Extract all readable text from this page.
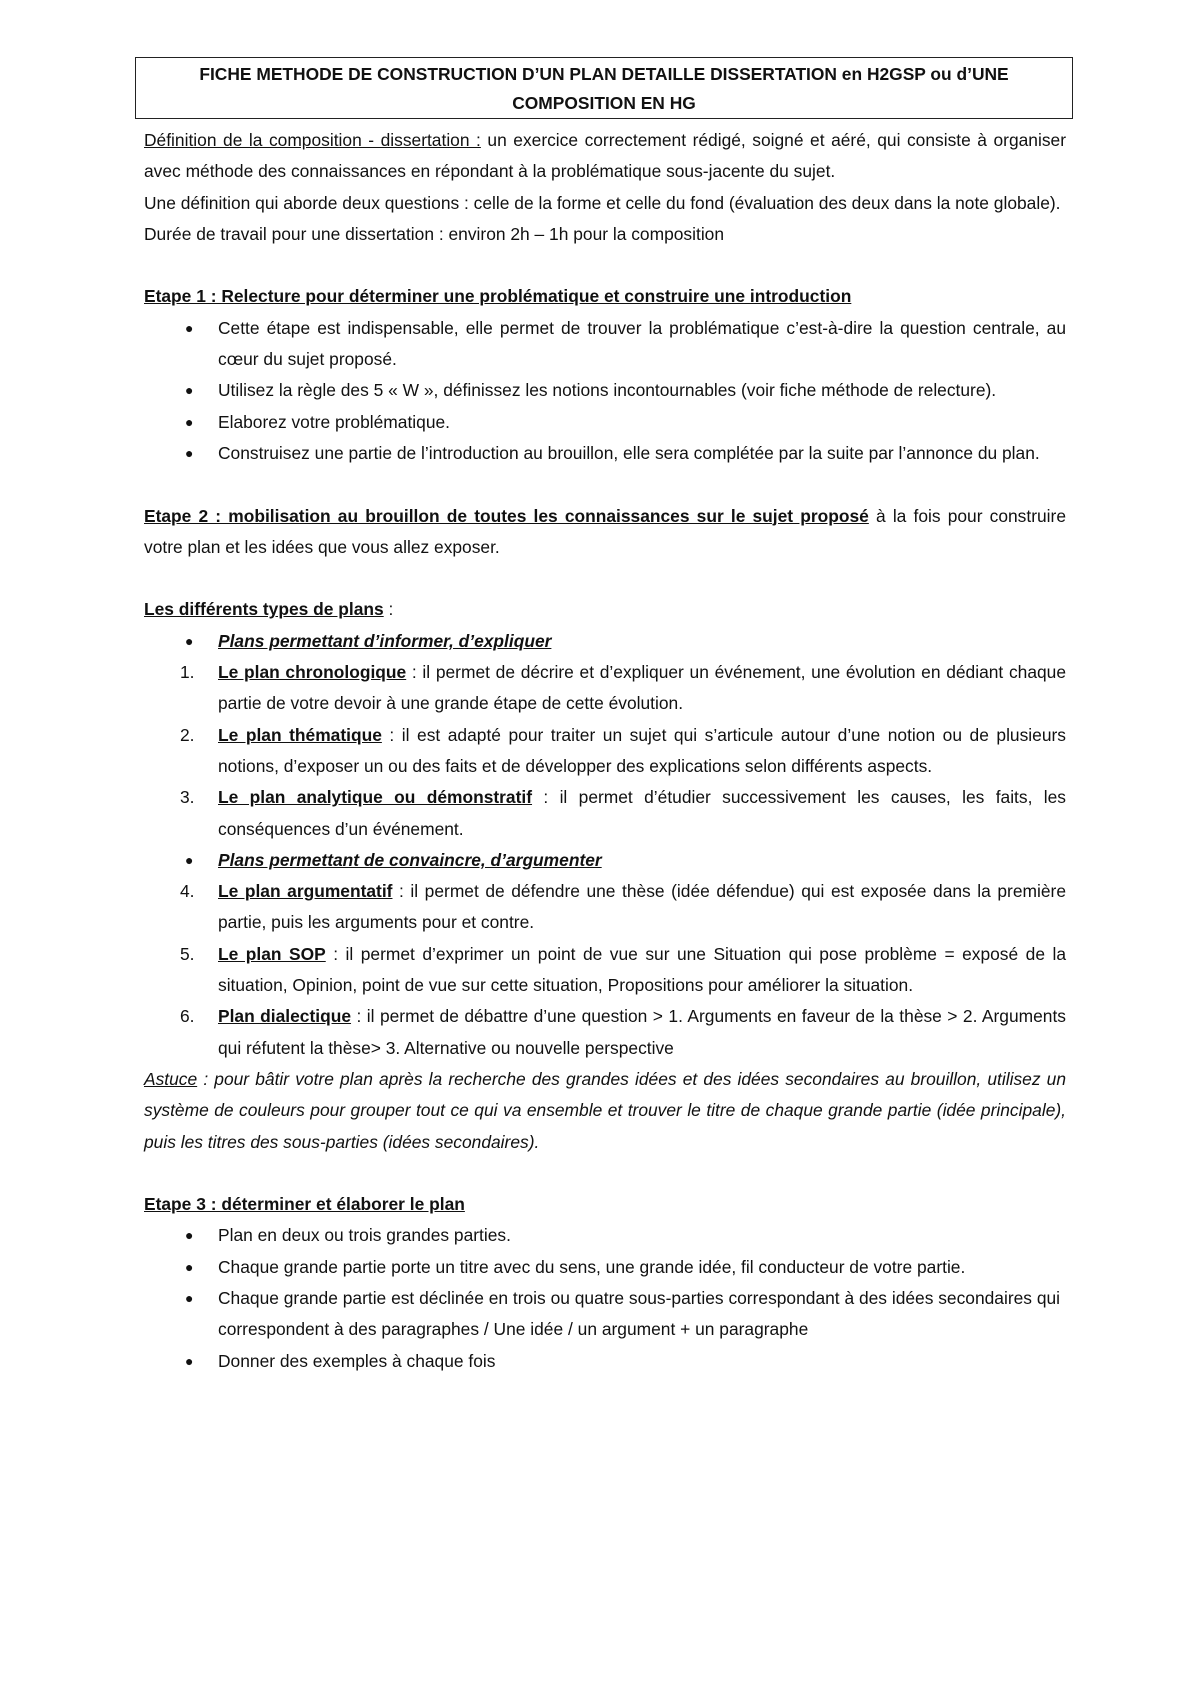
FICHE METHODE DE CONSTRUCTION D’UN PLAN DETAILLE DISSERTATION en H2GSP ou d’UNE
COMPOSITION EN HG

Définition de la composition - dissertation : un exercice correctement rédigé, soigné et aéré, qui consiste à organiser avec méthode des connaissances en répondant à la problématique sous-jacente du sujet.

Une définition qui aborde deux questions : celle de la forme et celle du fond (évaluation des deux dans la note globale).

Durée de travail pour une dissertation : environ 2h – 1h pour la composition

Etape 1 : Relecture pour déterminer une problématique et construire une introduction

● Cette étape est indispensable, elle permet de trouver la problématique c’est-à-dire la question centrale, au cœur du sujet proposé.
● Utilisez la règle des 5 « W », définissez les notions incontournables (voir fiche méthode de relecture).
● Elaborez votre problématique.
● Construisez une partie de l’introduction au brouillon, elle sera complétée par la suite par l’annonce du plan.

Etape 2 : mobilisation au brouillon de toutes les connaissances sur le sujet proposé à la fois pour construire votre plan et les idées que vous allez exposer.

Les différents types de plans :

● Plans permettant d’informer, d’expliquer
1. Le plan chronologique : il permet de décrire et d’expliquer un événement, une évolution en dédiant chaque partie de votre devoir à une grande étape de cette évolution.
2. Le plan thématique : il est adapté pour traiter un sujet qui s’articule autour d’une notion ou de plusieurs notions, d’exposer un ou des faits et de développer des explications selon différents aspects.
3. Le plan analytique ou démonstratif : il permet d’étudier successivement les causes, les faits, les conséquences d’un événement.
● Plans permettant de convaincre, d’argumenter
4. Le plan argumentatif : il permet de défendre une thèse (idée défendue) qui est exposée dans la première partie, puis les arguments pour et contre.
5. Le plan SOP : il permet d’exprimer un point de vue sur une Situation qui pose problème = exposé de la situation, Opinion, point de vue sur cette situation, Propositions pour améliorer la situation.
6. Plan dialectique : il permet de débattre d’une question > 1. Arguments en faveur de la thèse > 2. Arguments qui réfutent la thèse> 3. Alternative ou nouvelle perspective

Astuce : pour bâtir votre plan après la recherche des grandes idées et des idées secondaires au brouillon, utilisez un système de couleurs pour grouper tout ce qui va ensemble et trouver le titre de chaque grande partie (idée principale), puis les titres des sous-parties (idées secondaires).

Etape 3 : déterminer et élaborer le plan

● Plan en deux ou trois grandes parties.
● Chaque grande partie porte un titre avec du sens, une grande idée, fil conducteur de votre partie.
● Chaque grande partie est déclinée en trois ou quatre sous-parties correspondant à des idées secondaires qui correspondent à des paragraphes / Une idée / un argument + un paragraphe
● Donner des exemples à chaque fois
